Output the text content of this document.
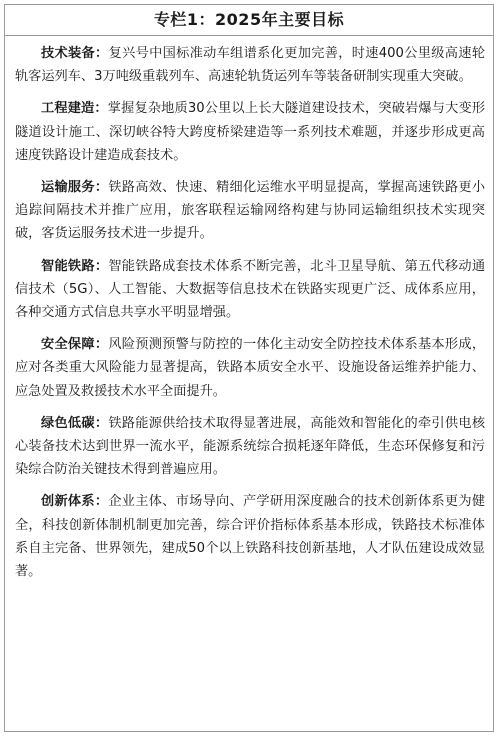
专栏1：2025年主要目标

技术装备：复兴号中国标准动车组谱系化更加完善，时速400公里级高速轮轨客运列车、3万吨级重载列车、高速轮轨货运列车等装备研制实现重大突破。

工程建造：掌握复杂地质30公里以上长大隧道建设技术，突破岩爆与大变形隧道设计施工、深切峡谷特大跨度桥梁建造等一系列技术难题，并逐步形成更高速度铁路设计建造成套技术。

运输服务：铁路高效、快速、精细化运维水平明显提高，掌握高速铁路更小追踪间隔技术并推广应用，旅客联程运输网络构建与协同运输组织技术实现突破，客货运服务技术进一步提升。

智能铁路：智能铁路成套技术体系不断完善，北斗卫星导航、第五代移动通信技术（5G）、人工智能、大数据等信息技术在铁路实现更广泛、成体系应用，各种交通方式信息共享水平明显增强。

安全保障：风险预测预警与防控的一体化主动安全防控技术体系基本形成，应对各类重大风险能力显著提高，铁路本质安全水平、设施设备运维养护能力、应急处置及救援技术水平全面提升。

绿色低碳：铁路能源供给技术取得显著进展，高能效和智能化的牵引供电核心装备技术达到世界一流水平，能源系统综合损耗逐年降低，生态环保修复和污染综合防治关键技术得到普遍应用。

创新体系：企业主体、市场导向、产学研用深度融合的技术创新体系更为健全，科技创新体制机制更加完善，综合评价指标体系基本形成，铁路技术标准体系自主完备、世界领先，建成50个以上铁路科技创新基地，人才队伍建设成效显著。
